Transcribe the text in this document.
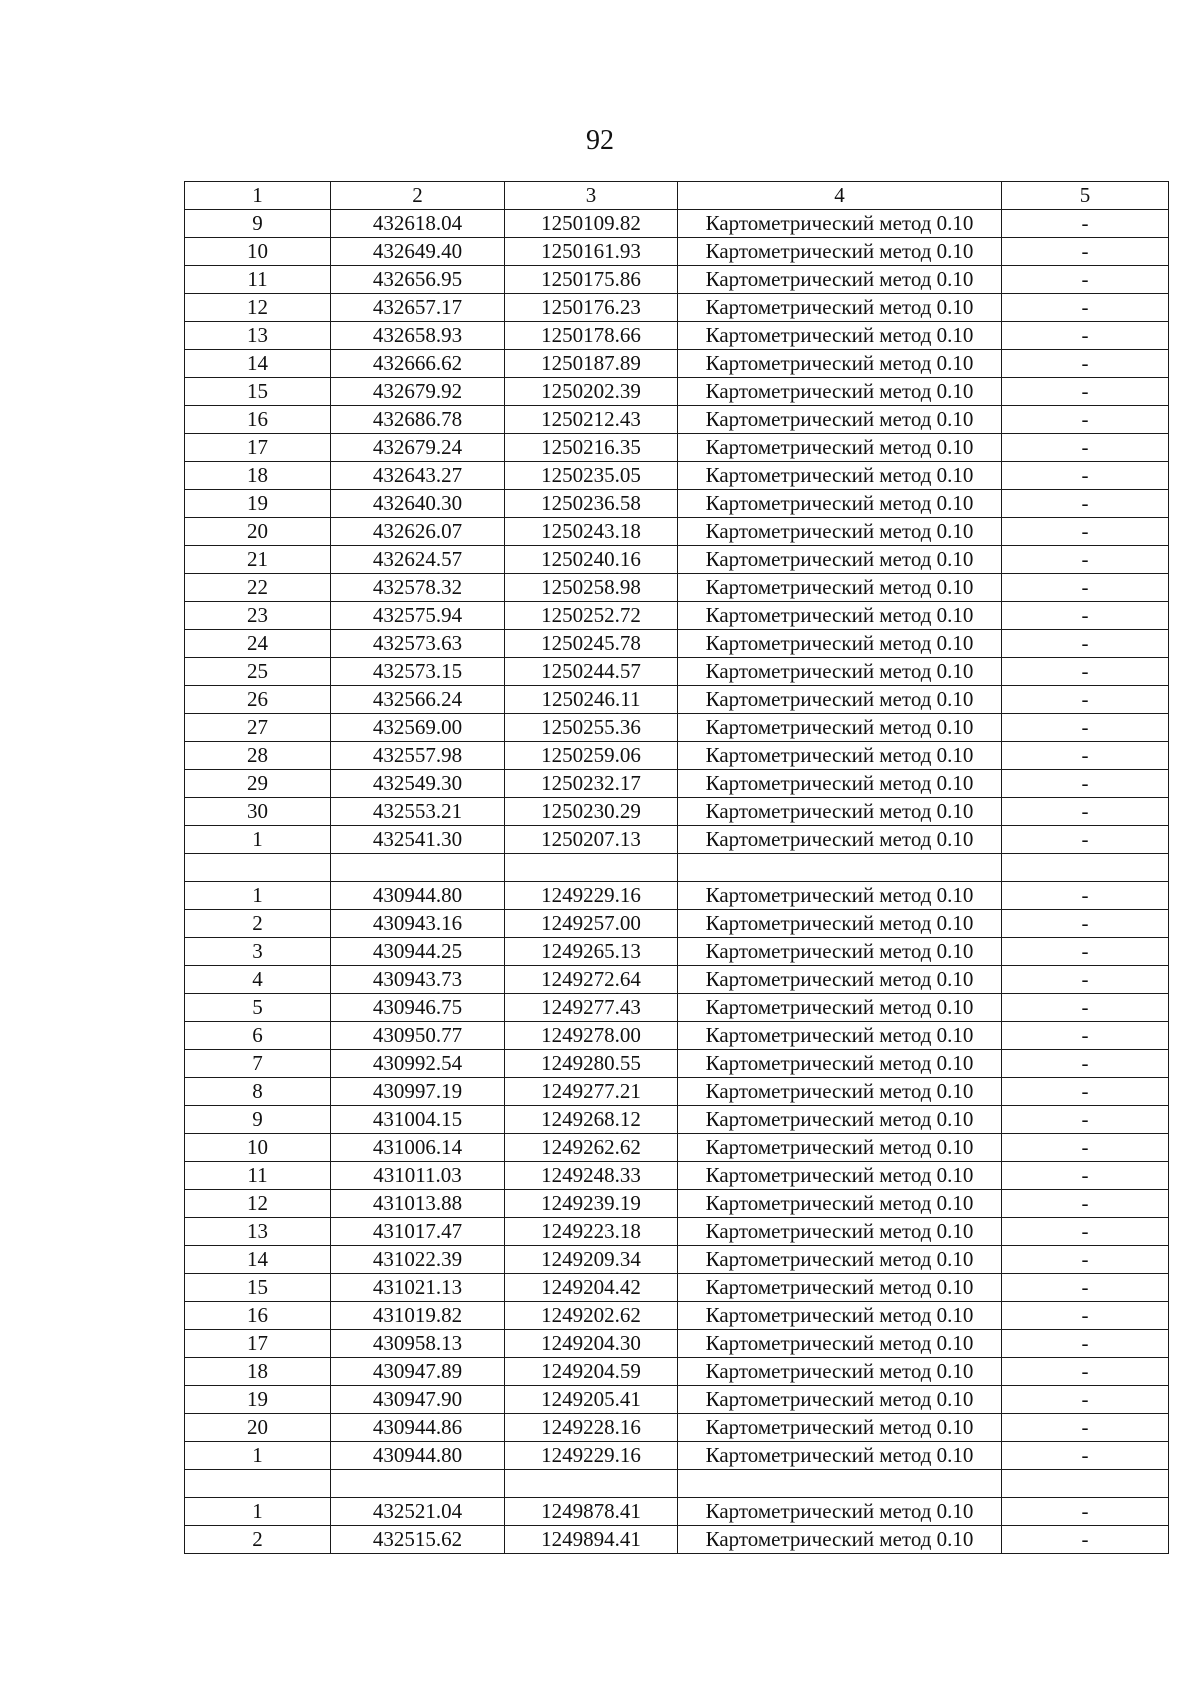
92
1	2	3	4	5
9	432618.04	1250109.82	Картометрический метод 0.10	-
10	432649.40	1250161.93	Картометрический метод 0.10	-
11	432656.95	1250175.86	Картометрический метод 0.10	-
12	432657.17	1250176.23	Картометрический метод 0.10	-
13	432658.93	1250178.66	Картометрический метод 0.10	-
14	432666.62	1250187.89	Картометрический метод 0.10	-
15	432679.92	1250202.39	Картометрический метод 0.10	-
16	432686.78	1250212.43	Картометрический метод 0.10	-
17	432679.24	1250216.35	Картометрический метод 0.10	-
18	432643.27	1250235.05	Картометрический метод 0.10	-
19	432640.30	1250236.58	Картометрический метод 0.10	-
20	432626.07	1250243.18	Картометрический метод 0.10	-
21	432624.57	1250240.16	Картометрический метод 0.10	-
22	432578.32	1250258.98	Картометрический метод 0.10	-
23	432575.94	1250252.72	Картометрический метод 0.10	-
24	432573.63	1250245.78	Картометрический метод 0.10	-
25	432573.15	1250244.57	Картометрический метод 0.10	-
26	432566.24	1250246.11	Картометрический метод 0.10	-
27	432569.00	1250255.36	Картометрический метод 0.10	-
28	432557.98	1250259.06	Картометрический метод 0.10	-
29	432549.30	1250232.17	Картометрический метод 0.10	-
30	432553.21	1250230.29	Картометрический метод 0.10	-
1	432541.30	1250207.13	Картометрический метод 0.10	-

1	430944.80	1249229.16	Картометрический метод 0.10	-
2	430943.16	1249257.00	Картометрический метод 0.10	-
3	430944.25	1249265.13	Картометрический метод 0.10	-
4	430943.73	1249272.64	Картометрический метод 0.10	-
5	430946.75	1249277.43	Картометрический метод 0.10	-
6	430950.77	1249278.00	Картометрический метод 0.10	-
7	430992.54	1249280.55	Картометрический метод 0.10	-
8	430997.19	1249277.21	Картометрический метод 0.10	-
9	431004.15	1249268.12	Картометрический метод 0.10	-
10	431006.14	1249262.62	Картометрический метод 0.10	-
11	431011.03	1249248.33	Картометрический метод 0.10	-
12	431013.88	1249239.19	Картометрический метод 0.10	-
13	431017.47	1249223.18	Картометрический метод 0.10	-
14	431022.39	1249209.34	Картометрический метод 0.10	-
15	431021.13	1249204.42	Картометрический метод 0.10	-
16	431019.82	1249202.62	Картометрический метод 0.10	-
17	430958.13	1249204.30	Картометрический метод 0.10	-
18	430947.89	1249204.59	Картометрический метод 0.10	-
19	430947.90	1249205.41	Картометрический метод 0.10	-
20	430944.86	1249228.16	Картометрический метод 0.10	-
1	430944.80	1249229.16	Картометрический метод 0.10	-

1	432521.04	1249878.41	Картометрический метод 0.10	-
2	432515.62	1249894.41	Картометрический метод 0.10	-
